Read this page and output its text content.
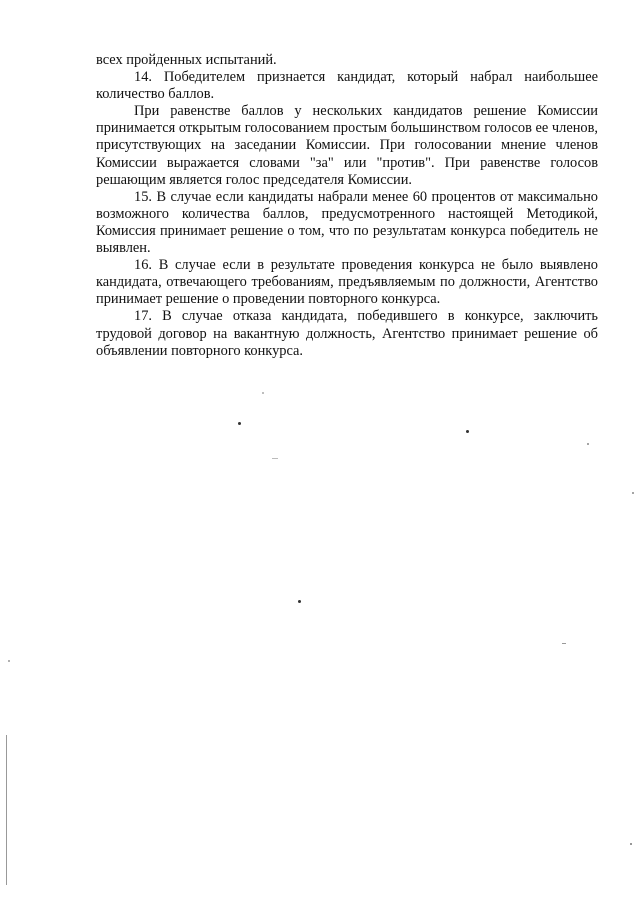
всех пройденных испытаний.

14. Победителем признается кандидат, который набрал наибольшее количество баллов.

При равенстве баллов у нескольких кандидатов решение Комиссии принимается открытым голосованием простым большинством голосов ее членов, присутствующих на заседании Комиссии. При голосовании мнение членов Комиссии выражается словами "за" или "против". При равенстве голосов решающим является голос председателя Комиссии.

15. В случае если кандидаты набрали менее 60 процентов от максимально возможного количества баллов, предусмотренного настоящей Методикой, Комиссия принимает решение о том, что по результатам конкурса победитель не выявлен.

16. В случае если в результате проведения конкурса не было выявлено кандидата, отвечающего требованиям, предъявляемым по должности, Агентство принимает решение о проведении повторного конкурса.

17. В случае отказа кандидата, победившего в конкурсе, заключить трудовой договор на вакантную должность, Агентство принимает решение об объявлении повторного конкурса.
